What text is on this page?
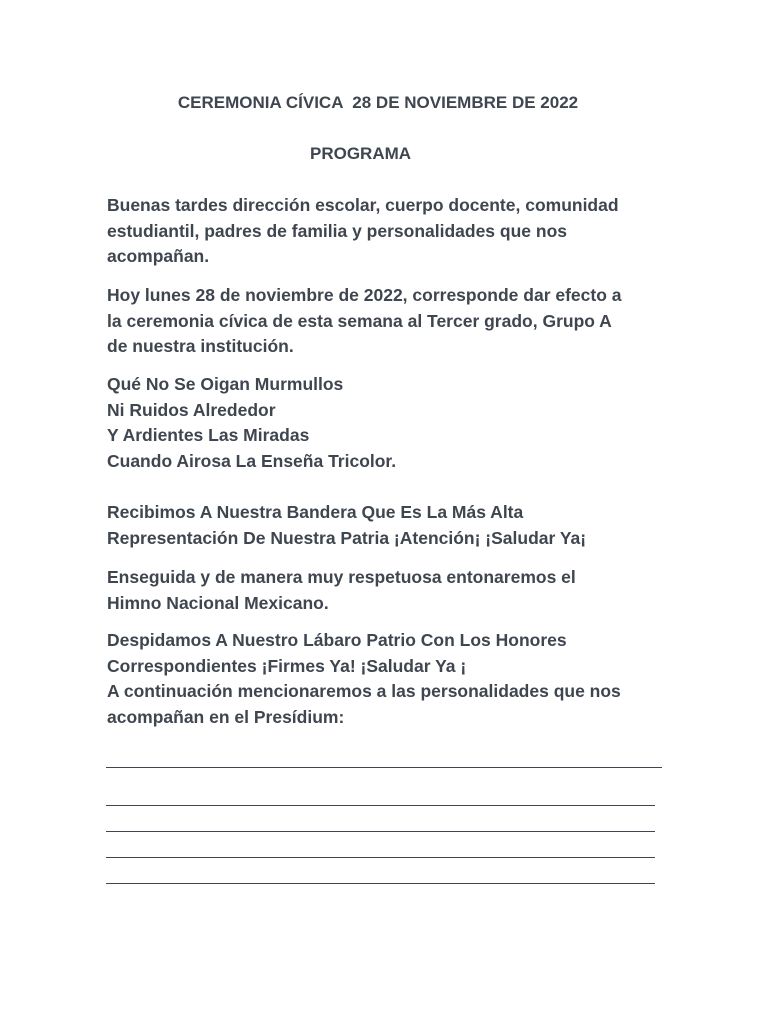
CEREMONIA CÍVICA  28 DE NOVIEMBRE DE 2022
PROGRAMA

Buenas tardes dirección escolar, cuerpo docente, comunidad
estudiantil, padres de familia y personalidades que nos
acompañan.

Hoy lunes 28 de noviembre de 2022, corresponde dar efecto a
la ceremonia cívica de esta semana al Tercer grado, Grupo A
de nuestra institución.

Qué No Se Oigan Murmullos
Ni Ruidos Alrededor
Y Ardientes Las Miradas
Cuando Airosa La Enseña Tricolor.

Recibimos A Nuestra Bandera Que Es La Más Alta
Representación De Nuestra Patria ¡Atención¡ ¡Saludar Ya¡

Enseguida y de manera muy respetuosa entonaremos el
Himno Nacional Mexicano.

Despidamos A Nuestro Lábaro Patrio Con Los Honores
Correspondientes ¡Firmes Ya! ¡Saludar Ya ¡
A continuación mencionaremos a las personalidades que nos
acompañan en el Presídium:
